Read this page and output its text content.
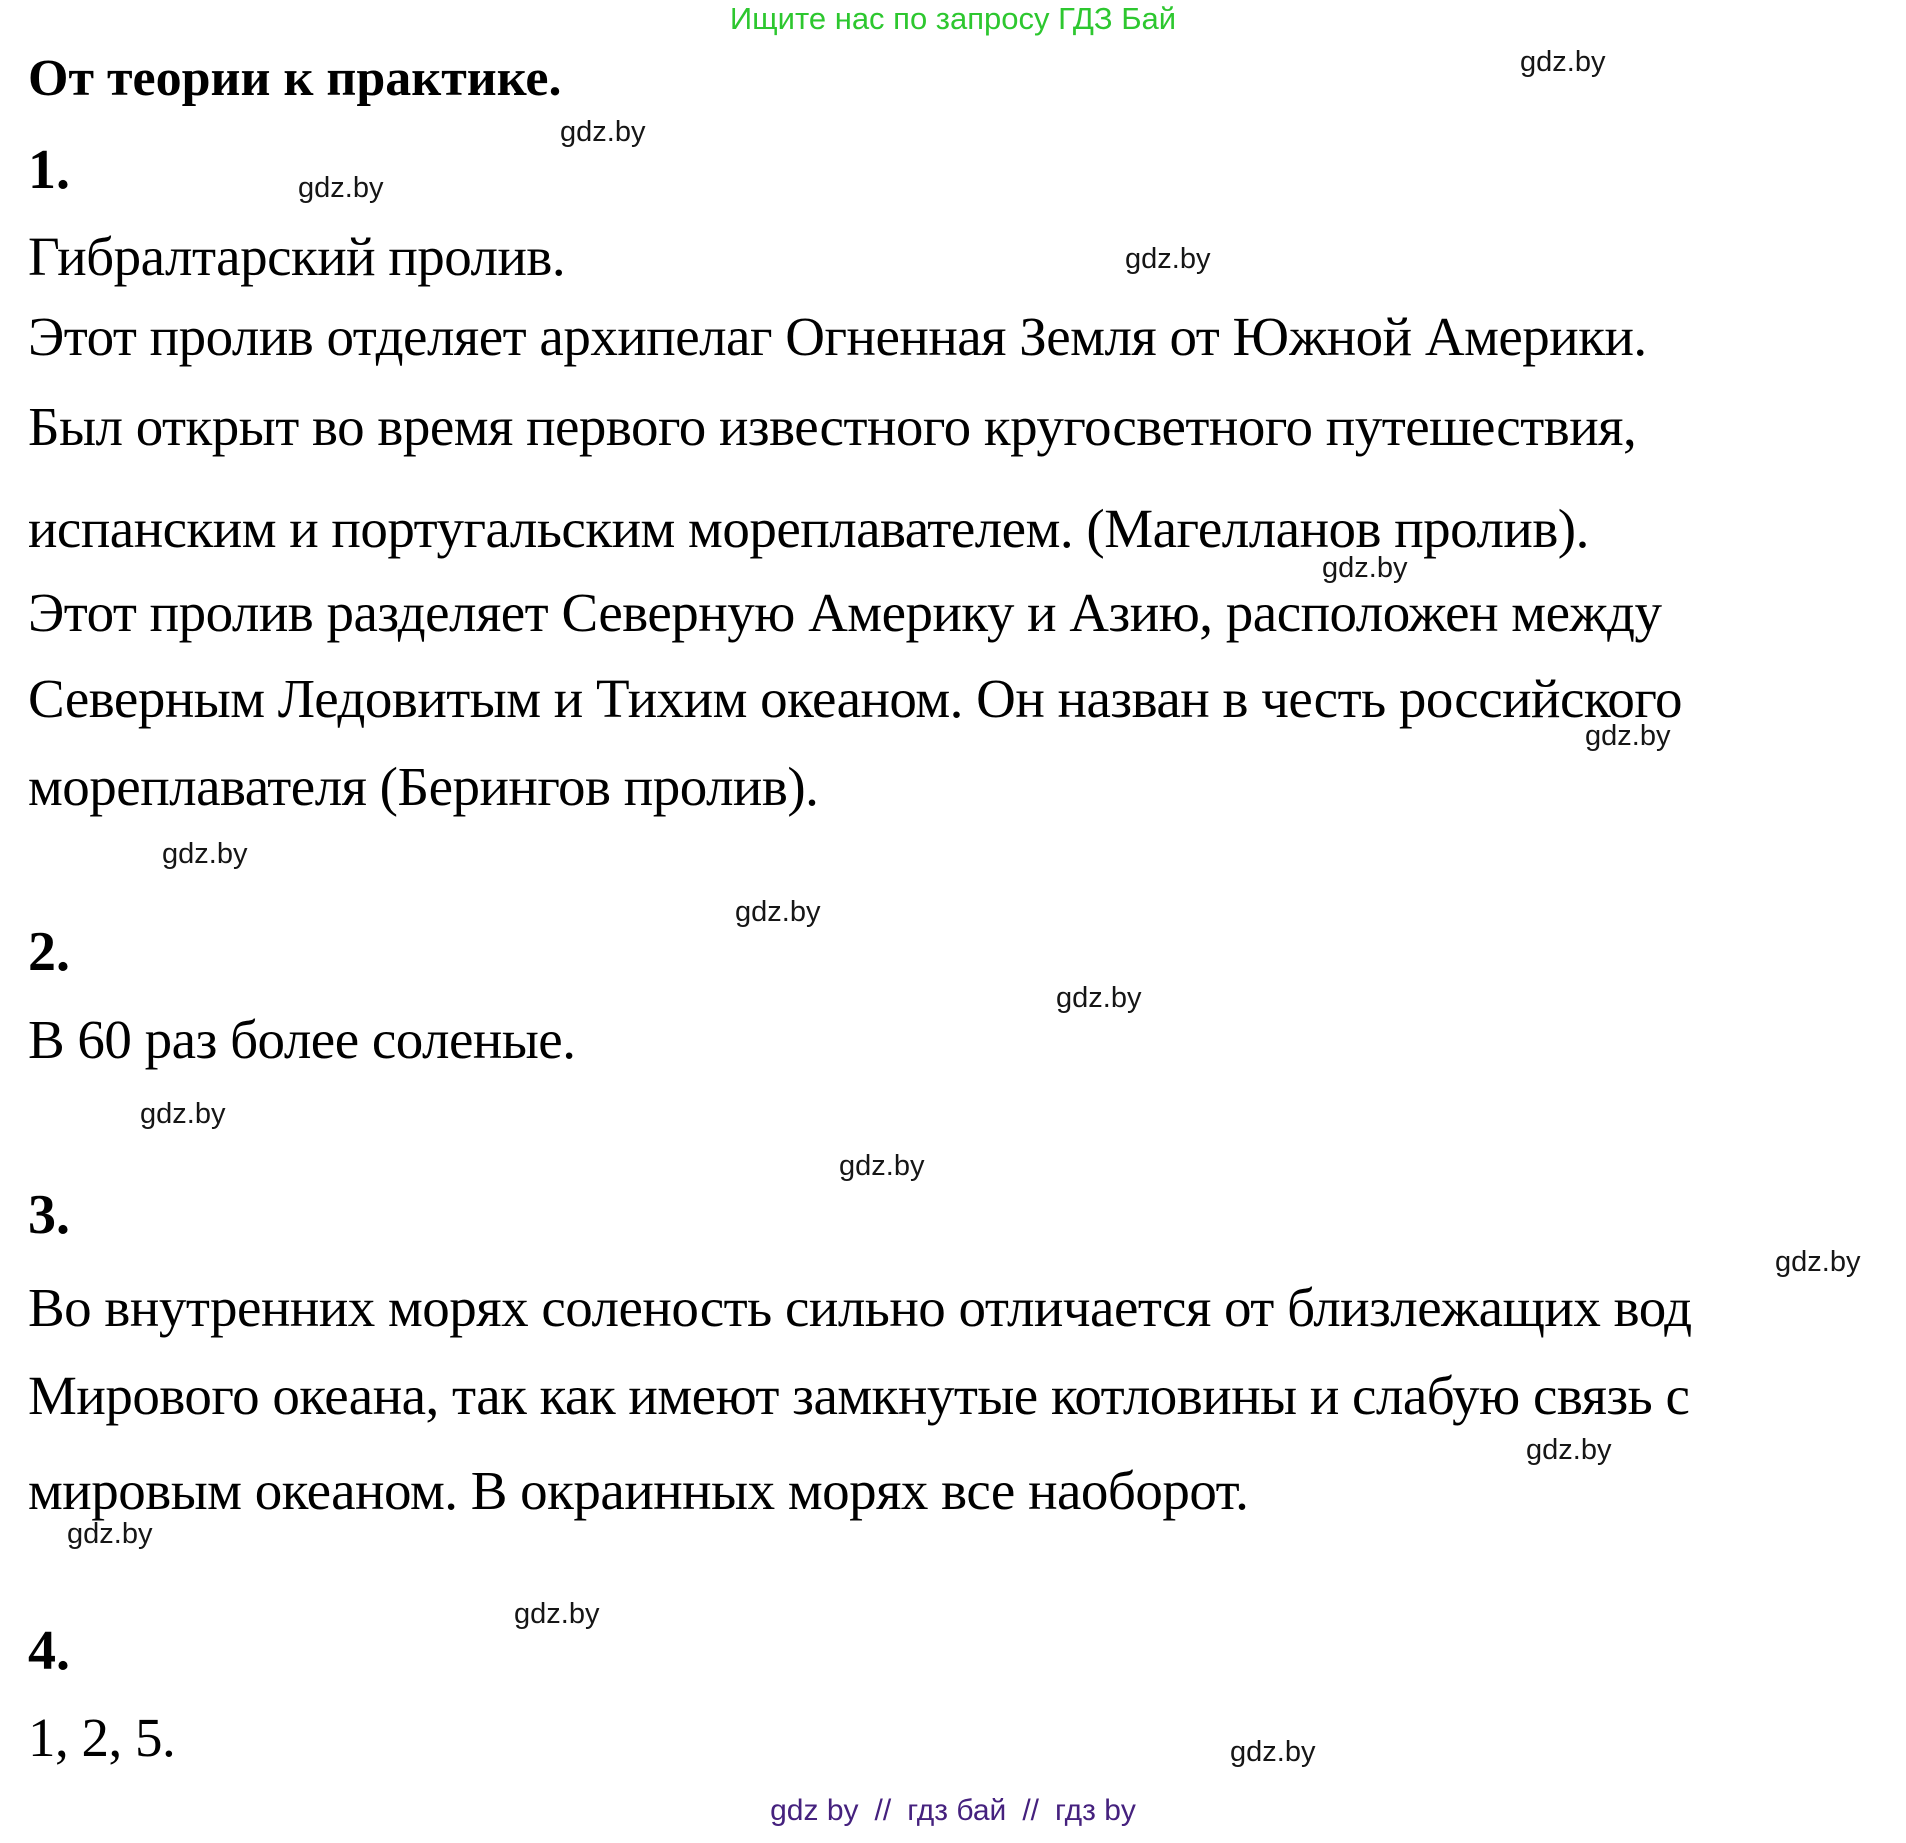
Ищите нас по запросу ГДЗ Бай
От теории к практике.
1.
Гибралтарский пролив.
Этот пролив отделяет архипелаг Огненная Земля от Южной Америки.
Был открыт во время первого известного кругосветного путешествия,
испанским и португальским мореплавателем. (Магелланов пролив).
Этот пролив разделяет Северную Америку и Азию, расположен между
Северным Ледовитым и Тихим океаном. Он назван в честь российского
мореплавателя (Берингов пролив).
2.
В 60 раз более соленые.
3.
Во внутренних морях соленость сильно отличается от близлежащих вод
Мирового океана, так как имеют замкнутые котловины и слабую связь с
мировым океаном. В окраинных морях все наоборот.
4.
1, 2, 5.
gdz.by
gdz.by
gdz.by
gdz.by
gdz.by
gdz.by
gdz.by
gdz.by
gdz.by
gdz.by
gdz.by
gdz.by
gdz.by
gdz.by
gdz.by
gdz.by
gdz by // гдз бай // гдз by
